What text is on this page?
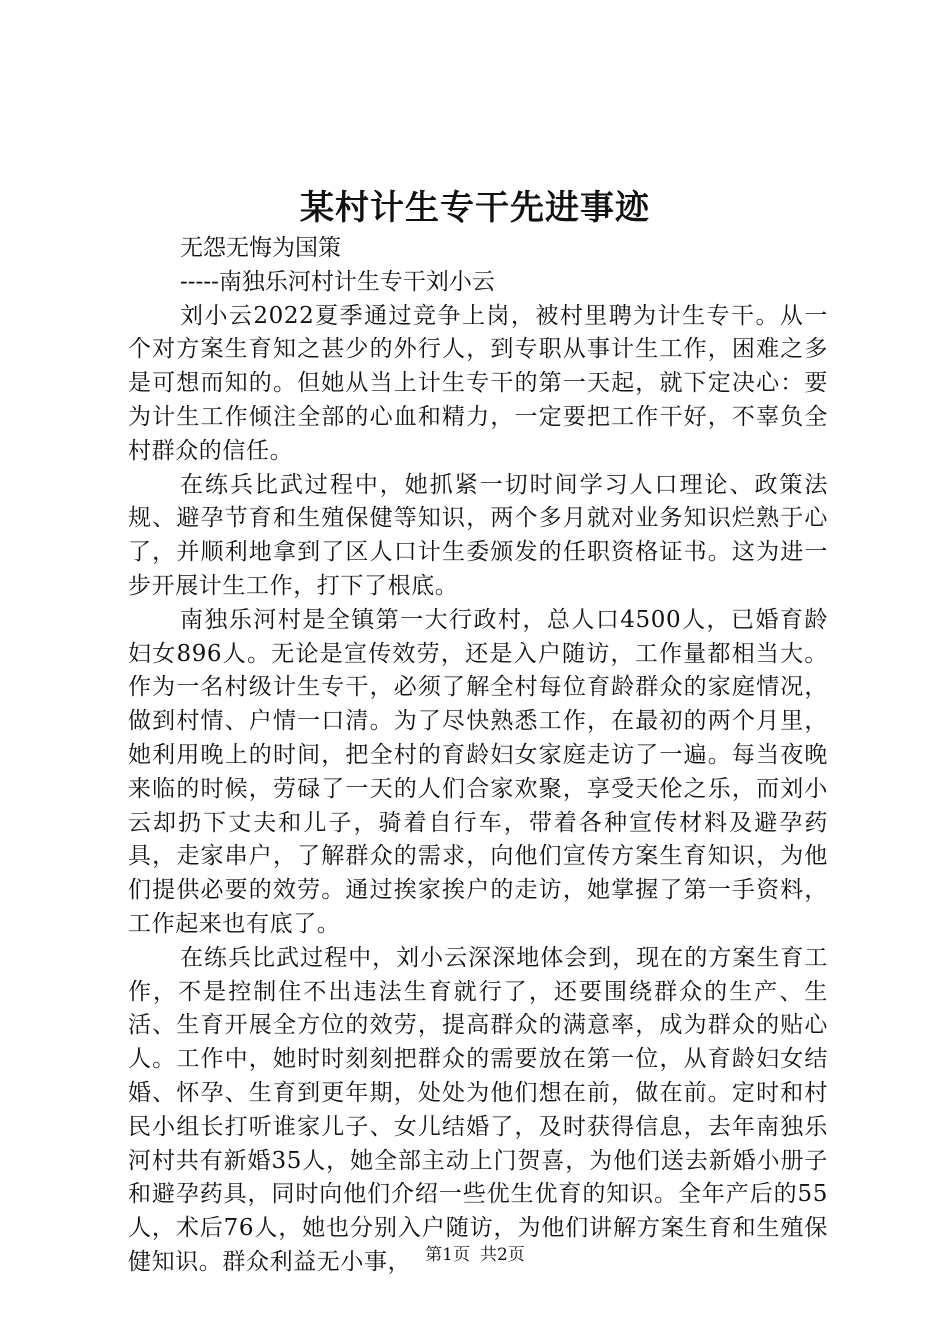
某村计生专干先进事迹

无怨无悔为国策

-----南独乐河村计生专干刘小云

刘小云2022夏季通过竞争上岗，被村里聘为计生专干。从一个对方案生育知之甚少的外行人，到专职从事计生工作，困难之多是可想而知的。但她从当上计生专干的第一天起，就下定决心：要为计生工作倾注全部的心血和精力，一定要把工作干好，不辜负全村群众的信任。

在练兵比武过程中，她抓紧一切时间学习人口理论、政策法规、避孕节育和生殖保健等知识，两个多月就对业务知识烂熟于心了，并顺利地拿到了区人口计生委颁发的任职资格证书。这为进一步开展计生工作，打下了根底。

南独乐河村是全镇第一大行政村，总人口4500人，已婚育龄妇女896人。无论是宣传效劳，还是入户随访，工作量都相当大。作为一名村级计生专干，必须了解全村每位育龄群众的家庭情况，做到村情、户情一口清。为了尽快熟悉工作，在最初的两个月里，她利用晚上的时间，把全村的育龄妇女家庭走访了一遍。每当夜晚来临的时候，劳碌了一天的人们合家欢聚，享受天伦之乐，而刘小云却扔下丈夫和儿子，骑着自行车，带着各种宣传材料及避孕药具，走家串户，了解群众的需求，向他们宣传方案生育知识，为他们提供必要的效劳。通过挨家挨户的走访，她掌握了第一手资料，工作起来也有底了。

在练兵比武过程中，刘小云深深地体会到，现在的方案生育工作，不是控制住不出违法生育就行了，还要围绕群众的生产、生活、生育开展全方位的效劳，提高群众的满意率，成为群众的贴心人。工作中，她时时刻刻把群众的需要放在第一位，从育龄妇女结婚、怀孕、生育到更年期，处处为他们想在前，做在前。定时和村民小组长打听谁家儿子、女儿结婚了，及时获得信息，去年南独乐河村共有新婚35人，她全部主动上门贺喜，为他们送去新婚小册子和避孕药具，同时向他们介绍一些优生优育的知识。全年产后的55人，术后76人，她也分别入户随访，为他们讲解方案生育和生殖保健知识。群众利益无小事， 第1页 共2页
